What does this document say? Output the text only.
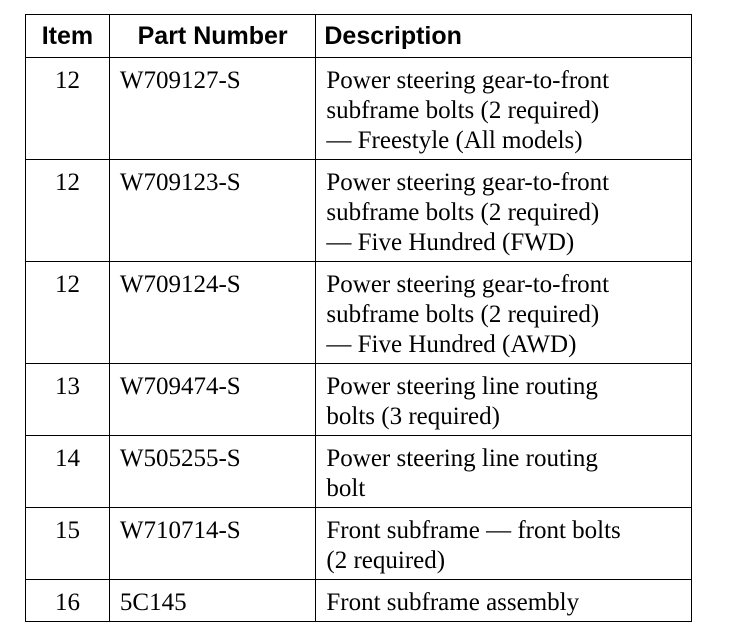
Item	Part Number	Description
12	W709127-S	Power steering gear-to-front
subframe bolts (2 required)
— Freestyle (All models)

12	W709123-S	Power steering gear-to-front
subframe bolts (2 required)
— Five Hundred (FWD)

12	W709124-S	Power steering gear-to-front
subframe bolts (2 required)
— Five Hundred (AWD)

13	W709474-S	Power steering line routing
bolts (3 required)

14	W505255-S	Power steering line routing
bolt

15	W710714-S	Front subframe — front bolts
(2 required)

16	5C145	Front subframe assembly
